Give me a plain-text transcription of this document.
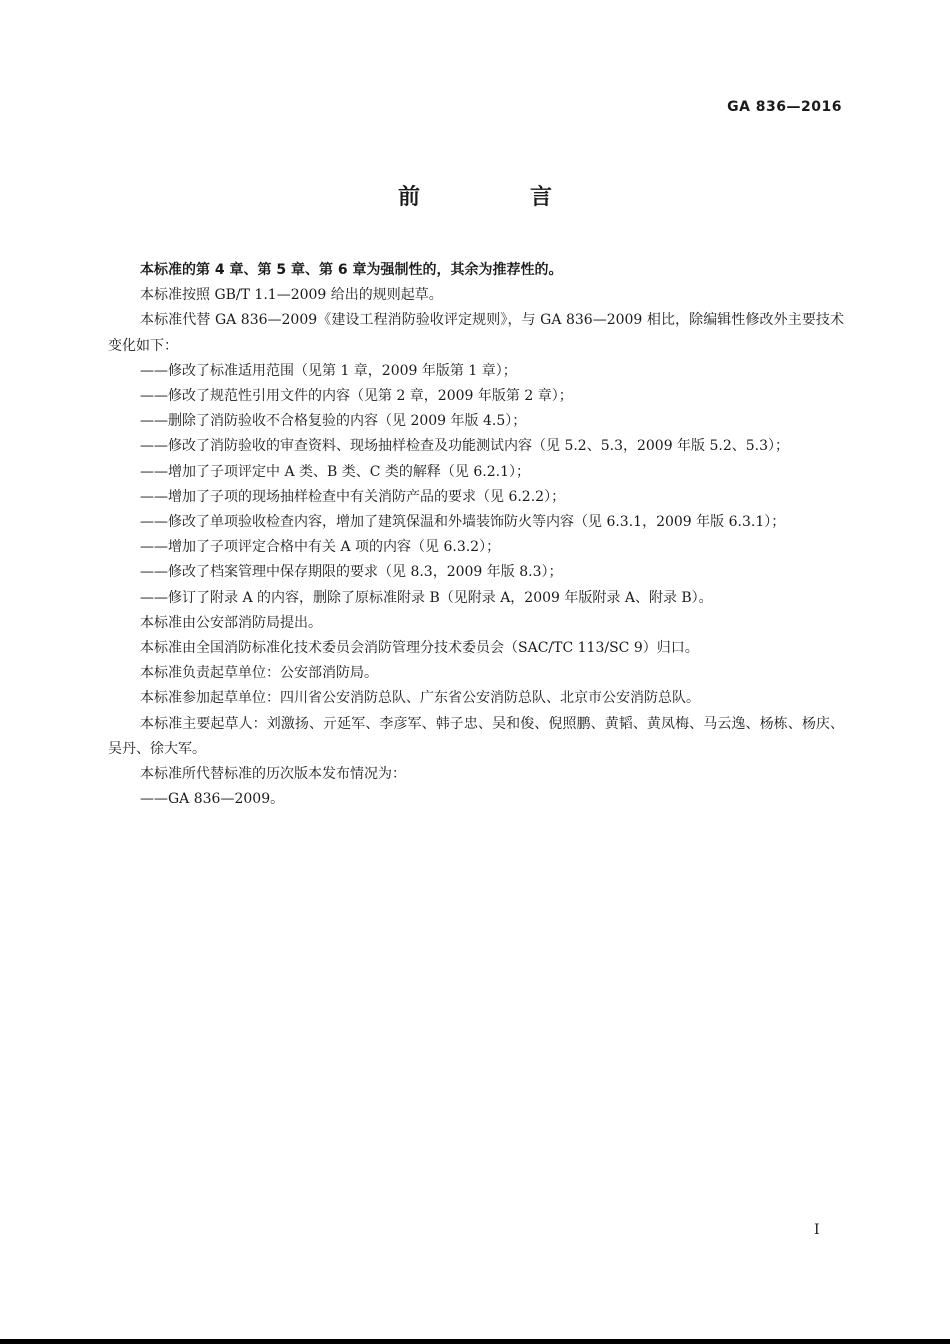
GA 836—2016
前　言

本标准的第 4 章、第 5 章、第 6 章为强制性的，其余为推荐性的。

本标准按照 GB/T 1.1—2009 给出的规则起草。

本标准代替 GA 836—2009《建设工程消防验收评定规则》，与 GA 836—2009 相比，除编辑性修改外主要技术变化如下：

——修改了标准适用范围（见第 1 章，2009 年版第 1 章）；

——修改了规范性引用文件的内容（见第 2 章，2009 年版第 2 章）；

——删除了消防验收不合格复验的内容（见 2009 年版 4.5）；

——修改了消防验收的审查资料、现场抽样检查及功能测试内容（见 5.2、5.3，2009 年版 5.2、5.3）；

——增加了子项评定中 A 类、B 类、C 类的解释（见 6.2.1）；

——增加了子项的现场抽样检查中有关消防产品的要求（见 6.2.2）；

——修改了单项验收检查内容，增加了建筑保温和外墙装饰防火等内容（见 6.3.1，2009 年版 6.3.1）；

——增加了子项评定合格中有关 A 项的内容（见 6.3.2）；

——修改了档案管理中保存期限的要求（见 8.3，2009 年版 8.3）；

——修订了附录 A 的内容，删除了原标准附录 B（见附录 A，2009 年版附录 A、附录 B）。

本标准由公安部消防局提出。

本标准由全国消防标准化技术委员会消防管理分技术委员会（SAC/TC 113/SC 9）归口。

本标准负责起草单位：公安部消防局。

本标准参加起草单位：四川省公安消防总队、广东省公安消防总队、北京市公安消防总队。

本标准主要起草人：刘激扬、亓延军、李彦军、韩子忠、吴和俊、倪照鹏、黄韬、黄凤梅、马云逸、杨栋、杨庆、吴丹、徐大军。

本标准所代替标准的历次版本发布情况为：

——GA 836—2009。

I
